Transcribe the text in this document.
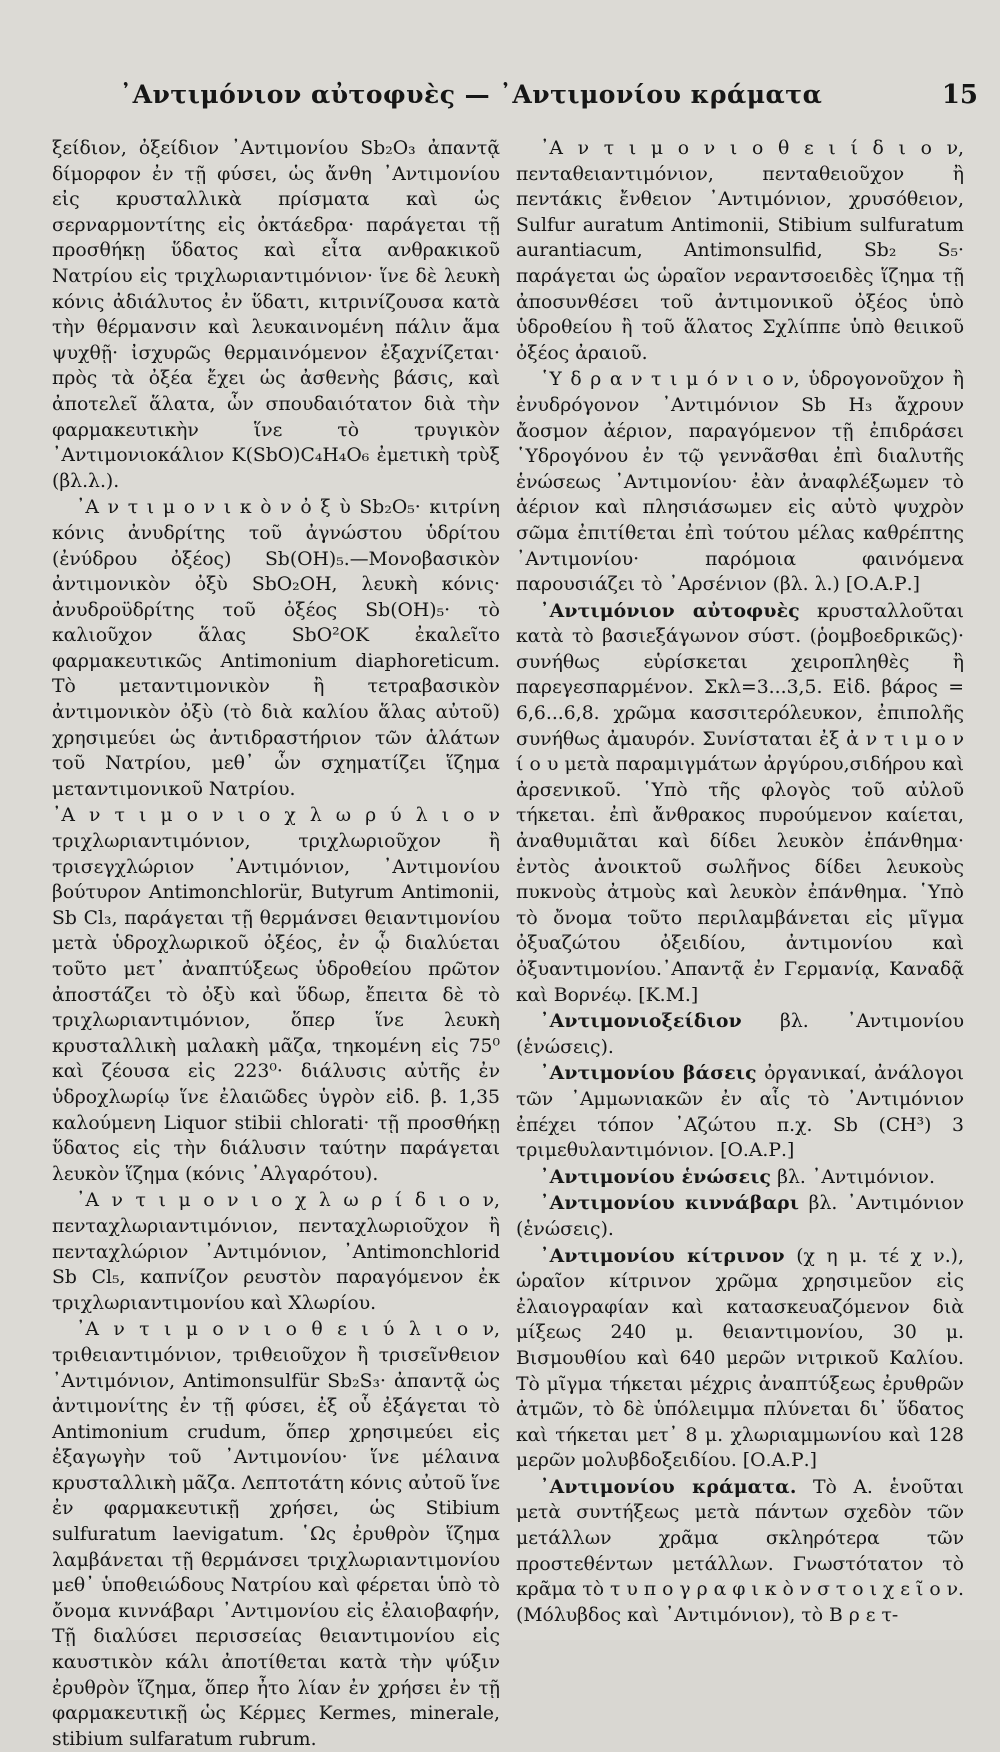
᾿Αντιμόνιον αὐτοφυὲς — ᾿Αντιμονίου κράματα	15

ξείδιον, ὀξείδιον ᾿Αντιμονίου Sb₂O₃ ἀπαντᾷ δίμορφον ἐν τῇ φύσει, ὡς ἄνθη ᾿Αντιμονίου εἰς κρυσταλλικὰ πρίσματα καὶ ὡς σερναρμοντίτης εἰς ὀκτάεδρα· παράγεται τῇ προσθήκῃ ὕδατος καὶ εἶτα ανθρακικοῦ Νατρίου εἰς τριχλωριαντιμόνιον· ἵνε δὲ λευκὴ κόνις ἀδιάλυτος ἐν ὕδατι, κιτρινίζουσα κατὰ τὴν θέρμανσιν καὶ λευκαινομένη πάλιν ἅμα ψυχθῇ· ἰσχυρῶς θερμαινόμενον ἐξαχνίζεται· πρὸς τὰ ὀξέα ἔχει ὡς ἀσθενὴς βάσις, καὶ ἀποτελεῖ ἅλατα, ὧν σπουδαιότατον διὰ τὴν φαρμακευτικὴν ἵνε τὸ τρυγικὸν ᾿Αντιμονιοκάλιον K(SbO)C₄H₄O₆ ἐμετικὴ τρὺξ (βλ.λ.).

᾿Α ν τ ι μ ο ν ι κ ὸ ν ὀ ξ ὺ Sb₂O₅· κιτρίνη κόνις ἀνυδρίτης τοῦ ἀγνώστου ὑδρίτου (ἐνύδρου ὀξέος) Sb(OH)₅.—Μονοβασικὸν ἀντιμονικὸν ὀξὺ SbO₂OH, λευκὴ κόνις· ἀνυδροϋδρίτης τοῦ ὀξέος Sb(OH)₅· τὸ καλιοῦχον ἅλας SbO²OK ἐκαλεῖτο φαρμακευτικῶς Antimonium diaphoreticum. Τὸ μεταντιμονικὸν ἢ τετραβασικὸν ἀντιμονικὸν ὀξὺ (τὸ διὰ καλίου ἅλας αὐτοῦ) χρησιμεύει ὡς ἀντιδραστήριον τῶν ἁλάτων τοῦ Νατρίου, μεθ᾿ ὧν σχηματίζει ἵζημα μεταντιμονικοῦ Νατρίου.

᾿Α ν τ ι μ ο ν ι ο χ λ ω ρ ύ λ ι ο ν τριχλωριαντιμόνιον, τριχλωριοῦχον ἢ τρισεγχλώριον ᾿Αντιμόνιον, ᾿Αντιμονίου βούτυρον Antimonchlorür, Butyrum Antimonii, Sb Cl₃, παράγεται τῇ θερμάνσει θειαντιμονίου μετὰ ὑδροχλωρικοῦ ὀξέος, ἐν ᾧ διαλύεται τοῦτο μετ᾿ ἀναπτύξεως ὑδροθείου πρῶτον ἀποστάζει τὸ ὀξὺ καὶ ὕδωρ, ἔπειτα δὲ τὸ τριχλωριαντιμόνιον, ὅπερ ἵνε λευκὴ κρυσταλλικὴ μαλακὴ μᾶζα, τηκομένη εἰς 75⁰ καὶ ζέουσα εἰς 223⁰· διάλυσις αὐτῆς ἐν ὑδροχλωρίῳ ἵνε ἐλαιῶδες ὑγρὸν εἰδ. β. 1,35 καλούμενη Liquor stibii chlorati· τῇ προσθήκῃ ὕδατος εἰς τὴν διάλυσιν ταύτην παράγεται λευκὸν ἵζημα (κόνις ᾿Αλγαρότου).

᾿Α ν τ ι μ ο ν ι ο χ λ ω ρ ί δ ι ο ν, πενταχλωριαντιμόνιον, πενταχλωριοῦχον ἢ πενταχλώριον ᾿Αντιμόνιον, ᾿Antimonchlorid Sb Cl₅, καπνίζον ρευστὸν παραγόμενον ἐκ τριχλωριαντιμονίου καὶ Χλωρίου.

᾿Α ν τ ι μ ο ν ι ο θ ε ι ύ λ ι ο ν, τριθειαντιμόνιον, τριθειοῦχον ἢ τρισεῖνθειον ᾿Αντιμόνιον, Antimonsulfür Sb₂S₃· ἀπαντᾷ ὡς ἀντιμονίτης ἐν τῇ φύσει, ἐξ οὗ ἐξάγεται τὸ Antimonium crudum, ὅπερ χρησιμεύει εἰς ἐξαγωγὴν τοῦ ᾿Αντιμονίου· ἵνε μέλαινα κρυσταλλικὴ μᾶζα. Λεπτοτάτη κόνις αὐτοῦ ἵνε ἐν φαρμακευτικῇ χρήσει, ὡς Stibium sulfuratum laevigatum. ῾Ως ἐρυθρὸν ἵζημα λαμβάνεται τῇ θερμάνσει τριχλωριαντιμονίου μεθ᾿ ὑποθειώδους Νατρίου καὶ φέρεται ὑπὸ τὸ ὄνομα κιννάβαρι ᾿Αντιμονίου εἰς ἐλαιοβαφήν, Τῇ διαλύσει περισσείας θειαντιμονίου εἰς καυστικὸν κάλι ἀποτίθεται κατὰ τὴν ψύξιν ἐρυθρὸν ἵζημα, ὅπερ ἦτο λίαν ἐν χρήσει ἐν τῇ φαρμακευτικῇ ὡς Κέρμες Kermes, minerale, stibium sulfaratum rubrum.

᾿Α ν τ ι μ ο ν ι ο θ ε ι ί δ ι ο ν, πενταθειαντιμόνιον, πενταθειοῦχον ἢ πεντάκις ἔνθειον ᾿Αντιμόνιον, χρυσόθειον, Sulfur auratum Antimonii, Stibium sulfuratum aurantiacum, Antimonsulfid, Sb₂ S₅· παράγεται ὡς ὡραῖον νεραντσοειδὲς ἵζημα τῇ ἀποσυνθέσει τοῦ ἀντιμονικοῦ ὀξέος ὑπὸ ὑδροθείου ἢ τοῦ ἅλατος Σχλίππε ὑπὸ θειικοῦ ὀξέος ἀραιοῦ.

῾Υ δ ρ α ν τ ι μ ό ν ι ο ν, ὑδρογονοῦχον ἢ ἐνυδρόγονον ᾿Αντιμόνιον Sb H₃ ἄχρουν ἄοσμον ἀέριον, παραγόμενον τῇ ἐπιδράσει ῾Υδρογόνου ἐν τῷ γεννᾶσθαι ἐπὶ διαλυτῆς ἑνώσεως ᾿Αντιμονίου· ἐὰν ἀναφλέξωμεν τὸ ἀέριον καὶ πλησιάσωμεν εἰς αὐτὸ ψυχρὸν σῶμα ἐπιτίθεται ἐπὶ τούτου μέλας καθρέπτης ᾿Αντιμονίου· παρόμοια φαινόμενα παρουσιάζει τὸ ᾿Αρσένιον (βλ. λ.) [Ο.Α.Ρ.]

᾿Αντιμόνιον αὐτοφυὲς κρυσταλλοῦται κατὰ τὸ βασιεξάγωνον σύστ. (ῥομβοεδρικῶς)· συνήθως εὑρίσκεται χειροπληθὲς ἢ παρεγεσπαρμένον. Σκλ=3...3,5. Εἰδ. βάρος = 6,6...6,8. χρῶμα κασσιτερόλευκον, ἐπιπολῆς συνήθως ἀμαυρόν. Συνίσταται ἐξ ἀ ν τ ι μ ο ν ί ο υ μετὰ παραμιγμάτων ἀργύρου,σιδήρου καὶ ἀρσενικοῦ. ῾Υπὸ τῆς φλογὸς τοῦ αὐλοῦ τήκεται. ἐπὶ ἄνθρακος πυρούμενον καίεται, ἀναθυμιᾶται καὶ δίδει λευκὸν ἐπάνθημα· ἐντὸς ἀνοικτοῦ σωλῆνος δίδει λευκοὺς πυκνοὺς ἀτμοὺς καὶ λευκὸν ἐπάνθημα. ῾Υπὸ τὸ ὄνομα τοῦτο περιλαμβάνεται εἰς μῖγμα ὀξυαζώτου ὀξειδίου, ἀντιμονίου καὶ ὀξυαντιμονίου.᾿Απαντᾷ ἐν Γερμανίᾳ, Καναδᾷ καὶ Βορνέῳ. [Κ.Μ.]

᾿Αντιμονιοξείδιον βλ. ᾿Αντιμονίου (ἑνώσεις).

᾿Αντιμονίου βάσεις ὀργανικαί, ἀνάλογοι τῶν ᾿Αμμωνιακῶν ἐν αἷς τὸ ᾿Αντιμόνιον ἐπέχει τόπον ᾿Αζώτου π.χ. Sb (CH³) 3 τριμεθυλαντιμόνιον. [Ο.Α.Ρ.]

᾿Αντιμονίου ἑνώσεις βλ. ᾿Αντιμόνιον.

᾿Αντιμονίου κιννάβαρι βλ. ᾿Αντιμόνιον (ἑνώσεις).

᾿Αντιμονίου κίτρινον (χ η μ. τέ χ ν.), ὡραῖον κίτρινον χρῶμα χρησιμεῦον εἰς ἐλαιογραφίαν καὶ κατασκευαζόμενον διὰ μίξεως 240 μ. θειαντιμονίου, 30 μ. Βισμουθίου καὶ 640 μερῶν νιτρικοῦ Καλίου. Τὸ μῖγμα τήκεται μέχρις ἀναπτύξεως ἐρυθρῶν ἀτμῶν, τὸ δὲ ὑπόλειμμα πλύνεται δι᾿ ὕδατος καὶ τήκεται μετ᾿ 8 μ. χλωριαμμωνίου καὶ 128 μερῶν μολυβδοξειδίου. [Ο.Α.Ρ.]

᾿Αντιμονίου κράματα. Τὸ Α. ἑνοῦται μετὰ συντήξεως μετὰ πάντων σχεδὸν τῶν μετάλλων χρᾶμα σκληρότερα τῶν προστεθέντων μετάλλων. Γνωστότατον τὸ κρᾶμα τὸ τ υ π ο γ ρ α φ ι κ ὸ ν σ τ ο ι χ ε ῖ ο ν. (Μόλυβδος καὶ ᾿Αντιμόνιον), τὸ Β ρ ε τ-
